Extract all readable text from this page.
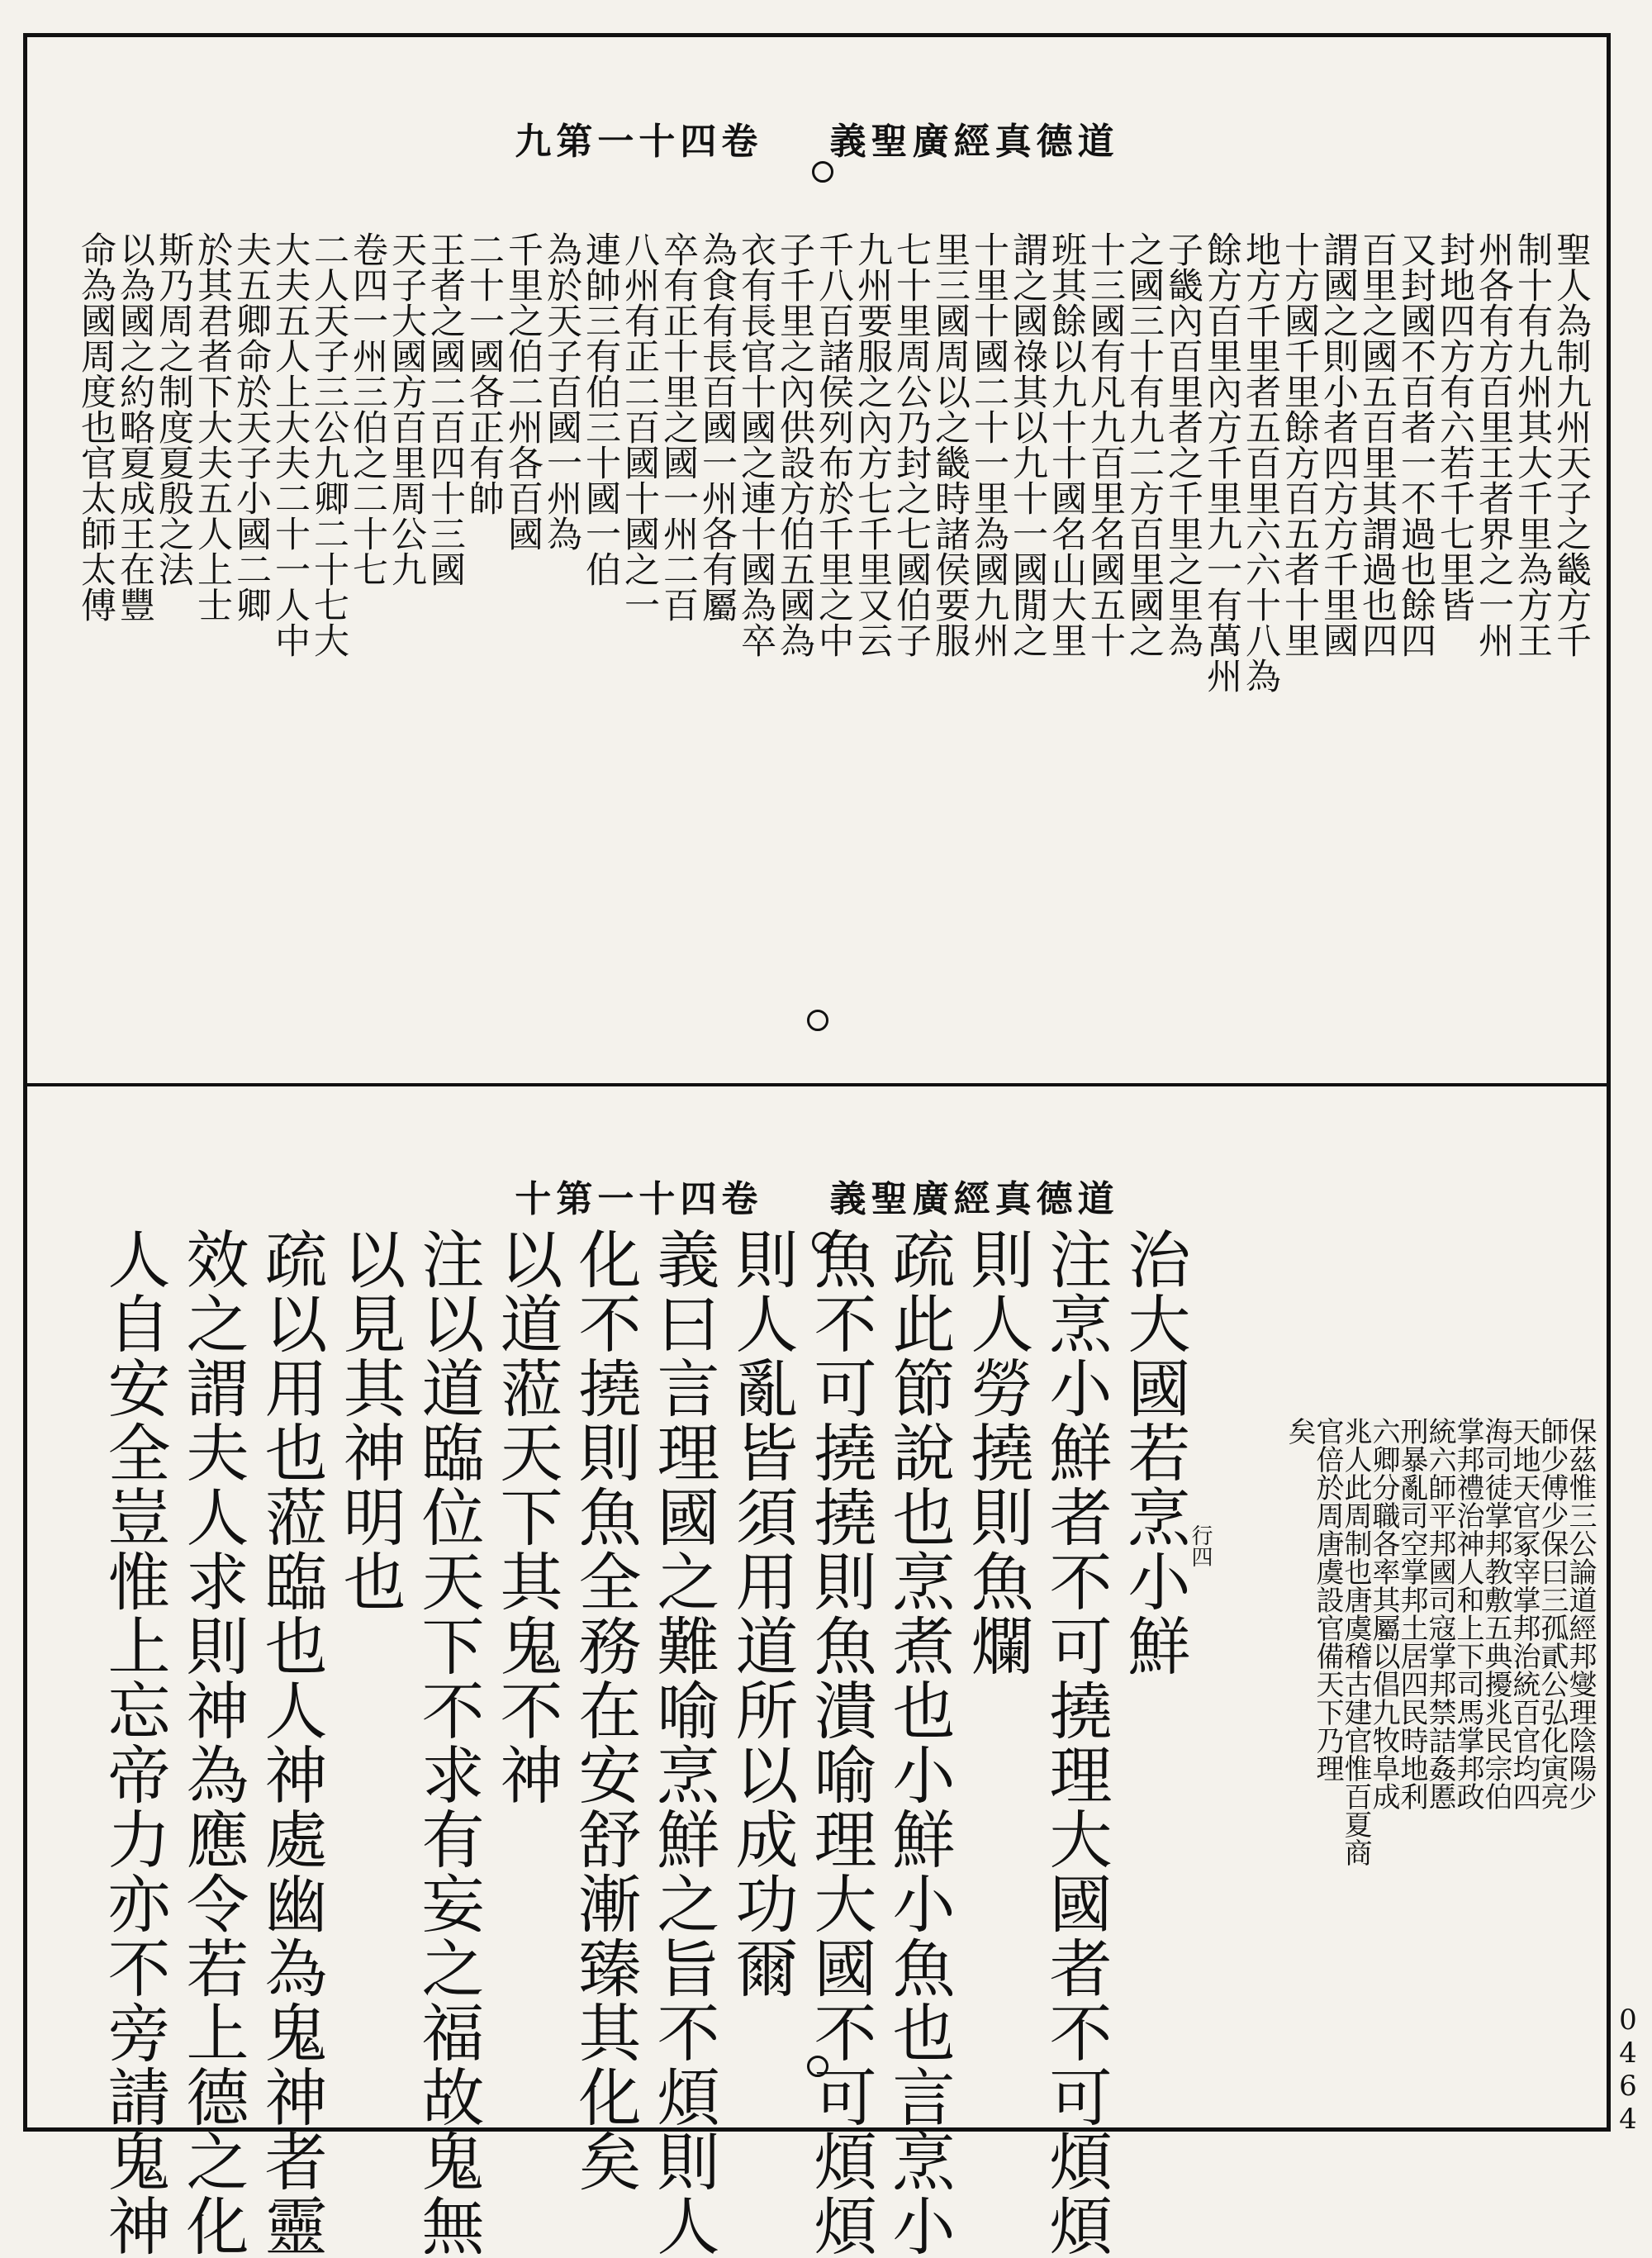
道德真經廣聖義 卷四十一第九
聖人為制九州天子之畿方千
制十有九州其大千里為方王
州各有方百里王者界之一州
封地四方有六若千七里皆
又封國不百者一不過也餘四
百里之國五百里其謂過也四
謂國之則小者四方方千里國
十方國千里餘方百五者十里
地方千里者五百里六六十八為
餘方百里內方千里九一有萬州
子畿內百里者之千里之里為
之國三十有九二方百里國之
十三國有凡九百里名國五十
班其餘以九十十國名山大里
謂之國祿其以九十一國閒之
十里十國二十一里為國九州
里三國周以之畿時諸侯要服
七十里周公乃封之七國伯子
九州要服之內方七千里又云
千八百諸侯列布於千里之中
子千里之內供設方伯五國為
衣有長官十國之連十國為卒
為食有長百國一州各有屬
卒有正十里之國一州二百
八州有正二百國十國之一
連帥三有伯三十國一伯
為於天子百國一州為
千里之伯二州各百國
二十一國各正有帥
王者之國二百四十三國
天子大國方百里周公九
卷四一州三伯之二十七
二人天子三公九卿二十七大
大夫五人上大夫二十一人中
夫五卿命於天子小國二卿
於其君者下大夫五人上士
斯乃周之制度夏殷之法
以為國之約略夏成王在豐
命為國周度也官太師太傅
道德真經廣聖義 卷四十一第十
保茲惟三公論道經邦燮理陰陽少
師少傅少保曰三孤貳公弘化寅亮
天地天官冢宰掌邦治統百官均四
海司徒掌邦教敷五典擾兆民宗伯
掌邦禮治神人和上下司馬掌邦政
統六師平邦國司寇掌邦禁詰姦慝
刑暴亂司空掌邦土居四民時地利
六卿分職各率其屬以倡九牧阜成
兆人此周制也唐虞稽古建官惟百夏商
官倍於周唐虞設官備天下乃理
矣
行四
治大國若烹小鮮
注烹小鮮者不可撓理大國者不可煩煩
則人勞撓則魚爛
疏此節說也烹煮也小鮮小魚也言烹小
魚不可撓撓則魚潰喻理大國不可煩煩
則人亂皆須用道所以成功爾
義曰言理國之難喻烹鮮之旨不煩則人
化不撓則魚全務在安舒漸臻其化矣
以道蒞天下其鬼不神
注以道臨位天下不求有妄之福故鬼無
以見其神明也
疏以用也蒞臨也人神處幽為鬼神者靈
效之謂夫人求則神為應令若上德之化
人自安全豈惟上忘帝力亦不旁請鬼神	0464
